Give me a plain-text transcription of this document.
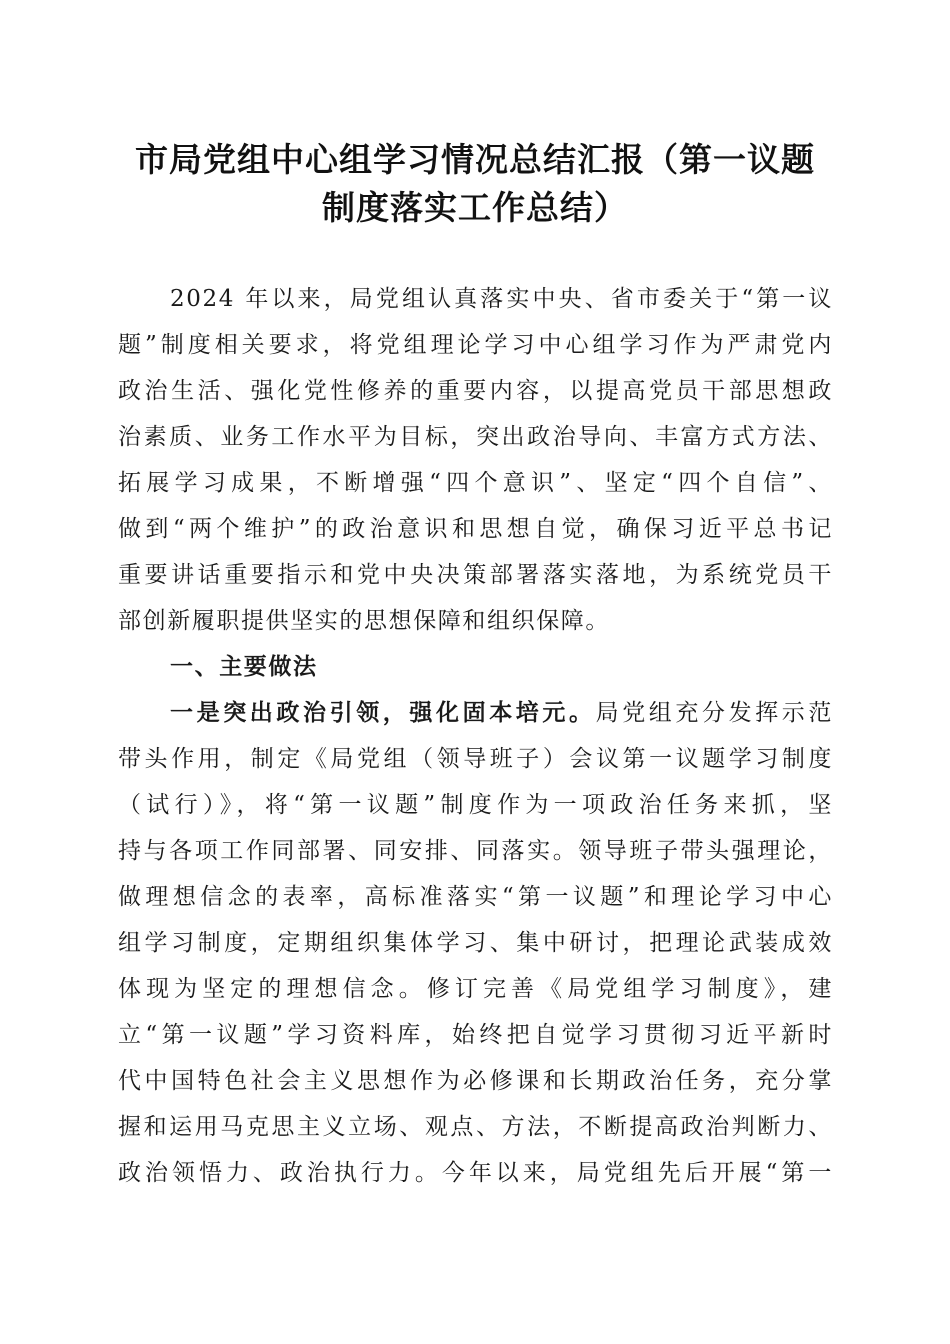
市局党组中心组学习情况总结汇报（第一议题
制度落实工作总结）
2024 年以来，局党组认真落实中央、省市委关于“第一议
题”制度相关要求，将党组理论学习中心组学习作为严肃党内
政治生活、强化党性修养的重要内容，以提高党员干部思想政
治素质、业务工作水平为目标，突出政治导向、丰富方式方法、
拓展学习成果，不断增强“四个意识”、坚定“四个自信”、
做到“两个维护”的政治意识和思想自觉，确保习近平总书记
重要讲话重要指示和党中央决策部署落实落地，为系统党员干
部创新履职提供坚实的思想保障和组织保障。
一、主要做法
一是突出政治引领，强化固本培元。局党组充分发挥示范
带头作用，制定《局党组（领导班子）会议第一议题学习制度
（试行）》，将“第一议题”制度作为一项政治任务来抓，坚
持与各项工作同部署、同安排、同落实。领导班子带头强理论，
做理想信念的表率，高标准落实“第一议题”和理论学习中心
组学习制度，定期组织集体学习、集中研讨，把理论武装成效
体现为坚定的理想信念。修订完善《局党组学习制度》，建
立“第一议题”学习资料库，始终把自觉学习贯彻习近平新时
代中国特色社会主义思想作为必修课和长期政治任务，充分掌
握和运用马克思主义立场、观点、方法，不断提高政治判断力、
政治领悟力、政治执行力。今年以来，局党组先后开展“第一
